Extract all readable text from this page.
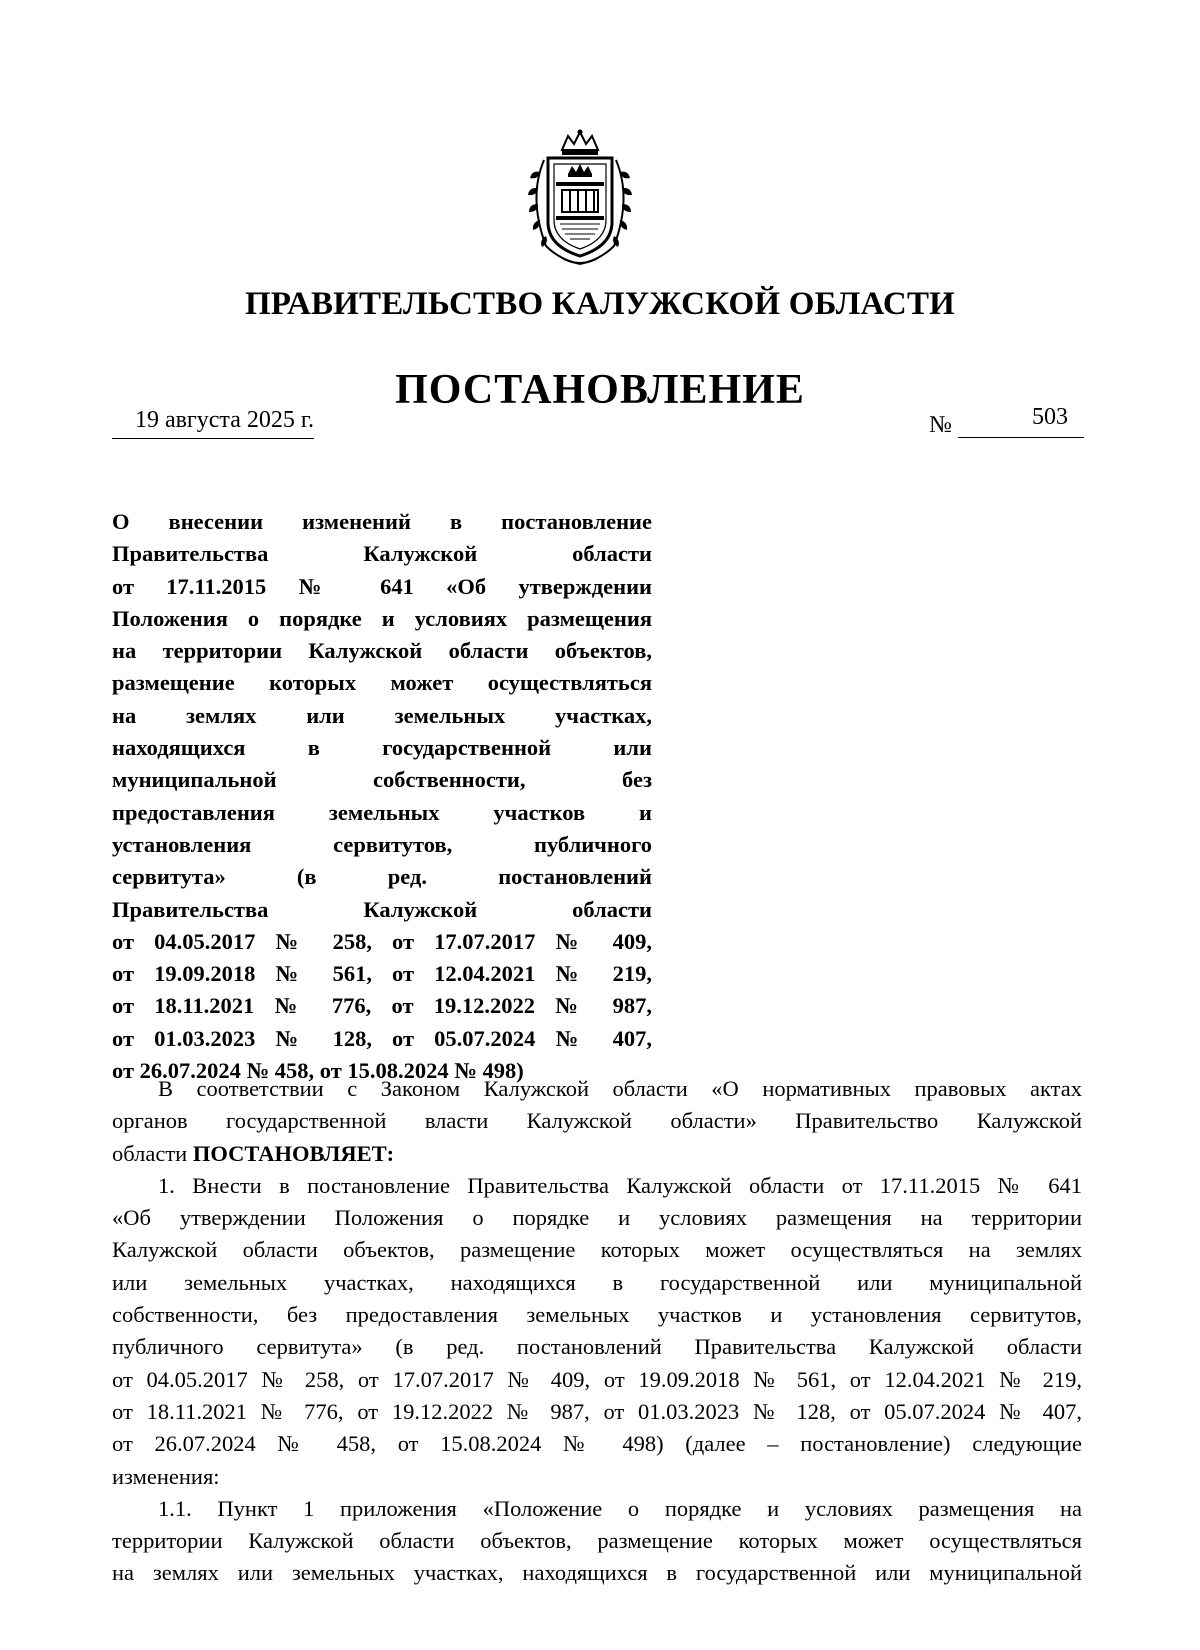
ПРАВИТЕЛЬСТВО КАЛУЖСКОЙ ОБЛАСТИ
ПОСТАНОВЛЕНИЕ
19 августа 2025 г.	№	503
О внесении изменений в постановление
Правительства Калужской области
от 17.11.2015 № 641 «Об утверждении
Положения о порядке и условиях размещения
на территории Калужской области объектов,
размещение которых может осуществляться
на землях или земельных участках,
находящихся в государственной или
муниципальной собственности, без
предоставления земельных участков и
установления сервитутов, публичного
сервитута» (в ред. постановлений
Правительства Калужской области
от 04.05.2017 № 258, от 17.07.2017 № 409,
от 19.09.2018 № 561, от 12.04.2021 № 219,
от 18.11.2021 № 776, от 19.12.2022 № 987,
от 01.03.2023 № 128, от 05.07.2024 № 407,
от 26.07.2024 № 458, от 15.08.2024 № 498)
В соответствии с Законом Калужской области «О нормативных правовых актах
органов государственной власти Калужской области» Правительство Калужской
области ПОСТАНОВЛЯЕТ:
1. Внести в постановление Правительства Калужской области от 17.11.2015 № 641
«Об утверждении Положения о порядке и условиях размещения на территории
Калужской области объектов, размещение которых может осуществляться на землях
или земельных участках, находящихся в государственной или муниципальной
собственности, без предоставления земельных участков и установления сервитутов,
публичного сервитута» (в ред. постановлений Правительства Калужской области
от 04.05.2017 № 258, от 17.07.2017 № 409, от 19.09.2018 № 561, от 12.04.2021 № 219,
от 18.11.2021 № 776, от 19.12.2022 № 987, от 01.03.2023 № 128, от 05.07.2024 № 407,
от 26.07.2024 № 458, от 15.08.2024 № 498) (далее – постановление) следующие
изменения:
1.1. Пункт 1 приложения «Положение о порядке и условиях размещения на
территории Калужской области объектов, размещение которых может осуществляться
на землях или земельных участках, находящихся в государственной или муниципальной
